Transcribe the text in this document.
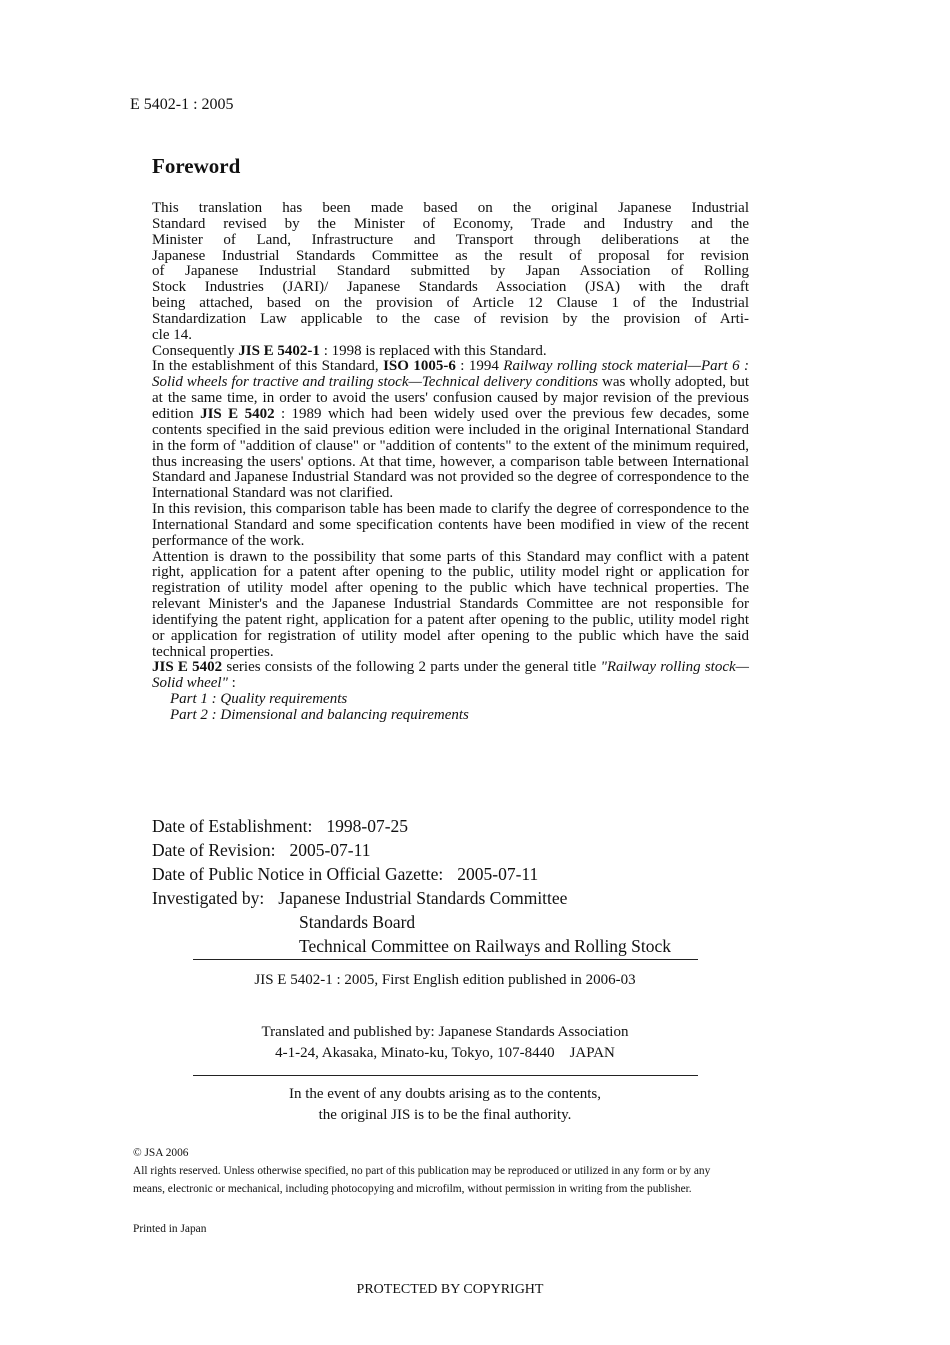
E 5402-1 : 2005
Foreword

This translation has been made based on the original Japanese Industrial
Standard revised by the Minister of Economy, Trade and Industry and the
Minister of Land, Infrastructure and Transport through deliberations at the
Japanese Industrial Standards Committee as the result of proposal for revision
of Japanese Industrial Standard submitted by Japan Association of Rolling
Stock Industries (JARI)/ Japanese Standards Association (JSA) with the draft
being attached, based on the provision of Article 12 Clause 1 of the Industrial
Standardization Law applicable to the case of revision by the provision of Arti-
cle 14.

Consequently JIS E 5402-1 : 1998 is replaced with this Standard.

In the establishment of this Standard, ISO 1005-6 : 1994 Railway rolling stock material—Part 6 : Solid wheels for tractive and trailing stock—Technical delivery conditions was wholly adopted, but at the same time, in order to avoid the users' confusion caused by major revision of the previous edition JIS E 5402 : 1989 which had been widely used over the previous few decades, some contents specified in the said previous edition were included in the original International Standard in the form of "addition of clause" or "addition of contents" to the extent of the minimum required, thus increasing the users' options. At that time, however, a comparison table between International Standard and Japanese Industrial Standard was not provided so the degree of correspondence to the International Standard was not clarified.

In this revision, this comparison table has been made to clarify the degree of correspondence to the International Standard and some specification contents have been modified in view of the recent performance of the work.

Attention is drawn to the possibility that some parts of this Standard may conflict with a patent right, application for a patent after opening to the public, utility model right or application for registration of utility model after opening to the public which have technical properties. The relevant Minister's and the Japanese Industrial Standards Committee are not responsible for identifying the patent right, application for a patent after opening to the public, utility model right or application for registration of utility model after opening to the public which have the said technical properties.

JIS E 5402 series consists of the following 2 parts under the general title "Railway rolling stock—Solid wheel" :

Part 1 : Quality requirements

Part 2 : Dimensional and balancing requirements

Date of Establishment: 1998-07-25
Date of Revision: 2005-07-11
Date of Public Notice in Official Gazette: 2005-07-11
Investigated by: Japanese Industrial Standards Committee
Standards Board
Technical Committee on Railways and Rolling Stock
JIS E 5402-1 : 2005, First English edition published in 2006-03
Translated and published by: Japanese Standards Association
4-1-24, Akasaka, Minato-ku, Tokyo, 107-8440    JAPAN
In the event of any doubts arising as to the contents,
the original JIS is to be the final authority.

© JSA 2006

All rights reserved. Unless otherwise specified, no part of this publication may be reproduced or utilized in any form or by any means, electronic or mechanical, including photocopying and microfilm, without permission in writing from the publisher.

Printed in Japan
PROTECTED BY COPYRIGHT
